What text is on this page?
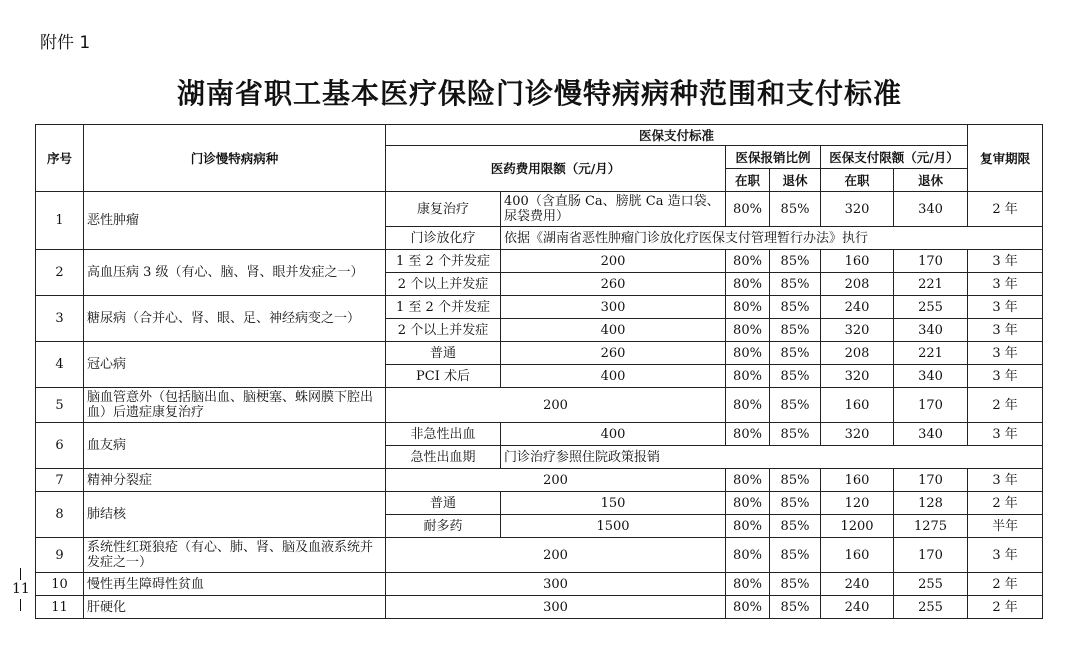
附件 1
湖南省职工基本医疗保险门诊慢特病病种范围和支付标准
11
序号	门诊慢特病病种	医保支付标准						复审期限	
		医药费用限额（元/月）		医保报销比例		医保支付限额（元/月）			
				在职	退休	在职	退休		
1	恶性肿瘤	康复治疗	400（含直肠 Ca、膀胱 Ca 造口袋、尿袋费用）	80%	85%	320	340	2 年	
		门诊放化疗	依据《湖南省恶性肿瘤门诊放化疗医保支付管理暂行办法》执行						
2	高血压病 3 级（有心、脑、肾、眼并发症之一）	1 至 2 个并发症	200	80%	85%	160	170	3 年	
		2 个以上并发症	260	80%	85%	208	221	3 年	
3	糖尿病（合并心、肾、眼、足、神经病变之一）	1 至 2 个并发症	300	80%	85%	240	255	3 年	
		2 个以上并发症	400	80%	85%	320	340	3 年	
4	冠心病	普通	260	80%	85%	208	221	3 年	
		PCI 术后	400	80%	85%	320	340	3 年	
5	脑血管意外（包括脑出血、脑梗塞、蛛网膜下腔出血）后遗症康复治疗	200		80%	85%	160	170	2 年	
6	血友病	非急性出血	400	80%	85%	320	340	3 年	
		急性出血期	门诊治疗参照住院政策报销						
7	精神分裂症	200		80%	85%	160	170	3 年	
8	肺结核	普通	150	80%	85%	120	128	2 年	
		耐多药	1500	80%	85%	1200	1275	半年	
9	系统性红斑狼疮（有心、肺、肾、脑及血液系统并发症之一）	200		80%	85%	160	170	3 年	
10	慢性再生障碍性贫血	300		80%	85%	240	255	2 年	
11	肝硬化	300		80%	85%	240	255	2 年	
